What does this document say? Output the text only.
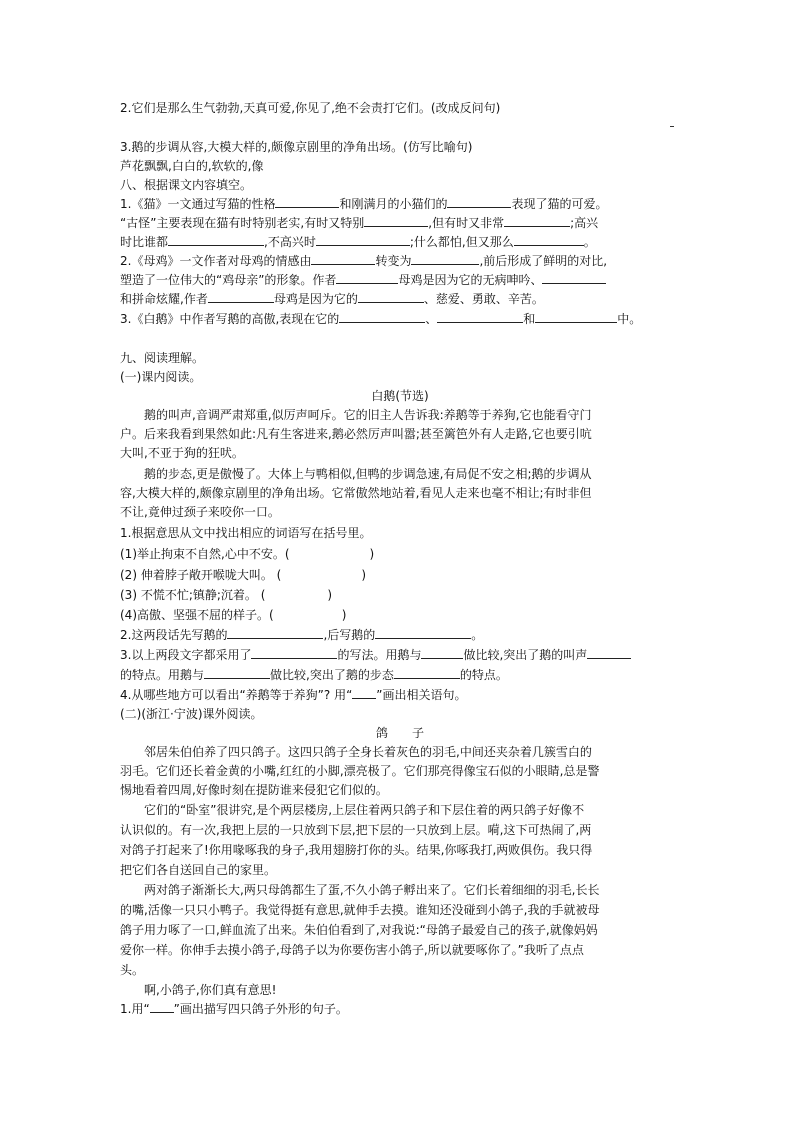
2.它们是那么生气勃勃,天真可爱,你见了,绝不会责打它们。(改成反问句)
3.鹅的步调从容,大模大样的,颇像京剧里的净角出场。(仿写比喻句)
芦花飘飘,白白的,软软的,像
八、根据课文内容填空。
1.《猫》一文通过写猫的性格	和刚满月的小猫们的	表现了猫的可爱。
“古怪”主要表现在猫有时特别老实,有时又特别	,但有时又非常	;高兴
时比谁都	,不高兴时	;什么都怕,但又那么	。
2.《母鸡》一文作者对母鸡的情感由	转变为	,前后形成了鲜明的对比,
塑造了一位伟大的“鸡母亲”的形象。作者	母鸡是因为它的无病呻吟、
和拼命炫耀,作者	母鸡是因为它的	、慈爱、勇敢、辛苦。
3.《白鹅》中作者写鹅的高傲,表现在它的	、	和	中。
九、阅读理解。
(一)课内阅读。
白鹅(节选)
鹅的叫声,音调严肃郑重,似厉声呵斥。它的旧主人告诉我:养鹅等于养狗,它也能看守门
户。后来我看到果然如此:凡有生客进来,鹅必然厉声叫嚣;甚至篱笆外有人走路,它也要引吭
大叫,不亚于狗的狂吠。
鹅的步态,更是傲慢了。大体上与鸭相似,但鸭的步调急速,有局促不安之相;鹅的步调从
容,大模大样的,颇像京剧里的净角出场。它常傲然地站着,看见人走来也毫不相让;有时非但
不让,竟伸过颈子来咬你一口。
1.根据意思从文中找出相应的词语写在括号里。
(1)举止拘束不自然,心中不安。(	)
(2) 伸着脖子敞开喉咙大叫。 (	)
(3) 不慌不忙;镇静;沉着。 (	)
(4)高傲、坚强不屈的样子。(	)
2.这两段话先写鹅的	,后写鹅的	。
3.以上两段文字都采用了	的写法。用鹅与	做比较,突出了鹅的叫声
的特点。用鹅与	做比较,突出了鹅的步态	的特点。
4.从哪些地方可以看出“养鹅等于养狗”? 用“ ”画出相关语句。
(二)(浙江·宁波)课外阅读。
鸽　　子
邻居朱伯伯养了四只鸽子。这四只鸽子全身长着灰色的羽毛,中间还夹杂着几簇雪白的
羽毛。它们还长着金黄的小嘴,红红的小脚,漂亮极了。它们那亮得像宝石似的小眼睛,总是警
惕地看着四周,好像时刻在提防谁来侵犯它们似的。
它们的“卧室”很讲究,是个两层楼房,上层住着两只鸽子和下层住着的两只鸽子好像不
认识似的。有一次,我把上层的一只放到下层,把下层的一只放到上层。嗬,这下可热闹了,两
对鸽子打起来了!你用喙啄我的身子,我用翅膀打你的头。结果,你啄我打,两败俱伤。我只得
把它们各自送回自己的家里。
两对鸽子渐渐长大,两只母鸽都生了蛋,不久小鸽子孵出来了。它们长着细细的羽毛,长长
的嘴,活像一只只小鸭子。我觉得挺有意思,就伸手去摸。谁知还没碰到小鸽子,我的手就被母
鸽子用力啄了一口,鲜血流了出来。朱伯伯看到了,对我说:“母鸽子最爱自己的孩子,就像妈妈
爱你一样。你伸手去摸小鸽子,母鸽子以为你要伤害小鸽子,所以就要啄你了。”我听了点点
头。
啊,小鸽子,你们真有意思!
1.用“ ”画出描写四只鸽子外形的句子。
